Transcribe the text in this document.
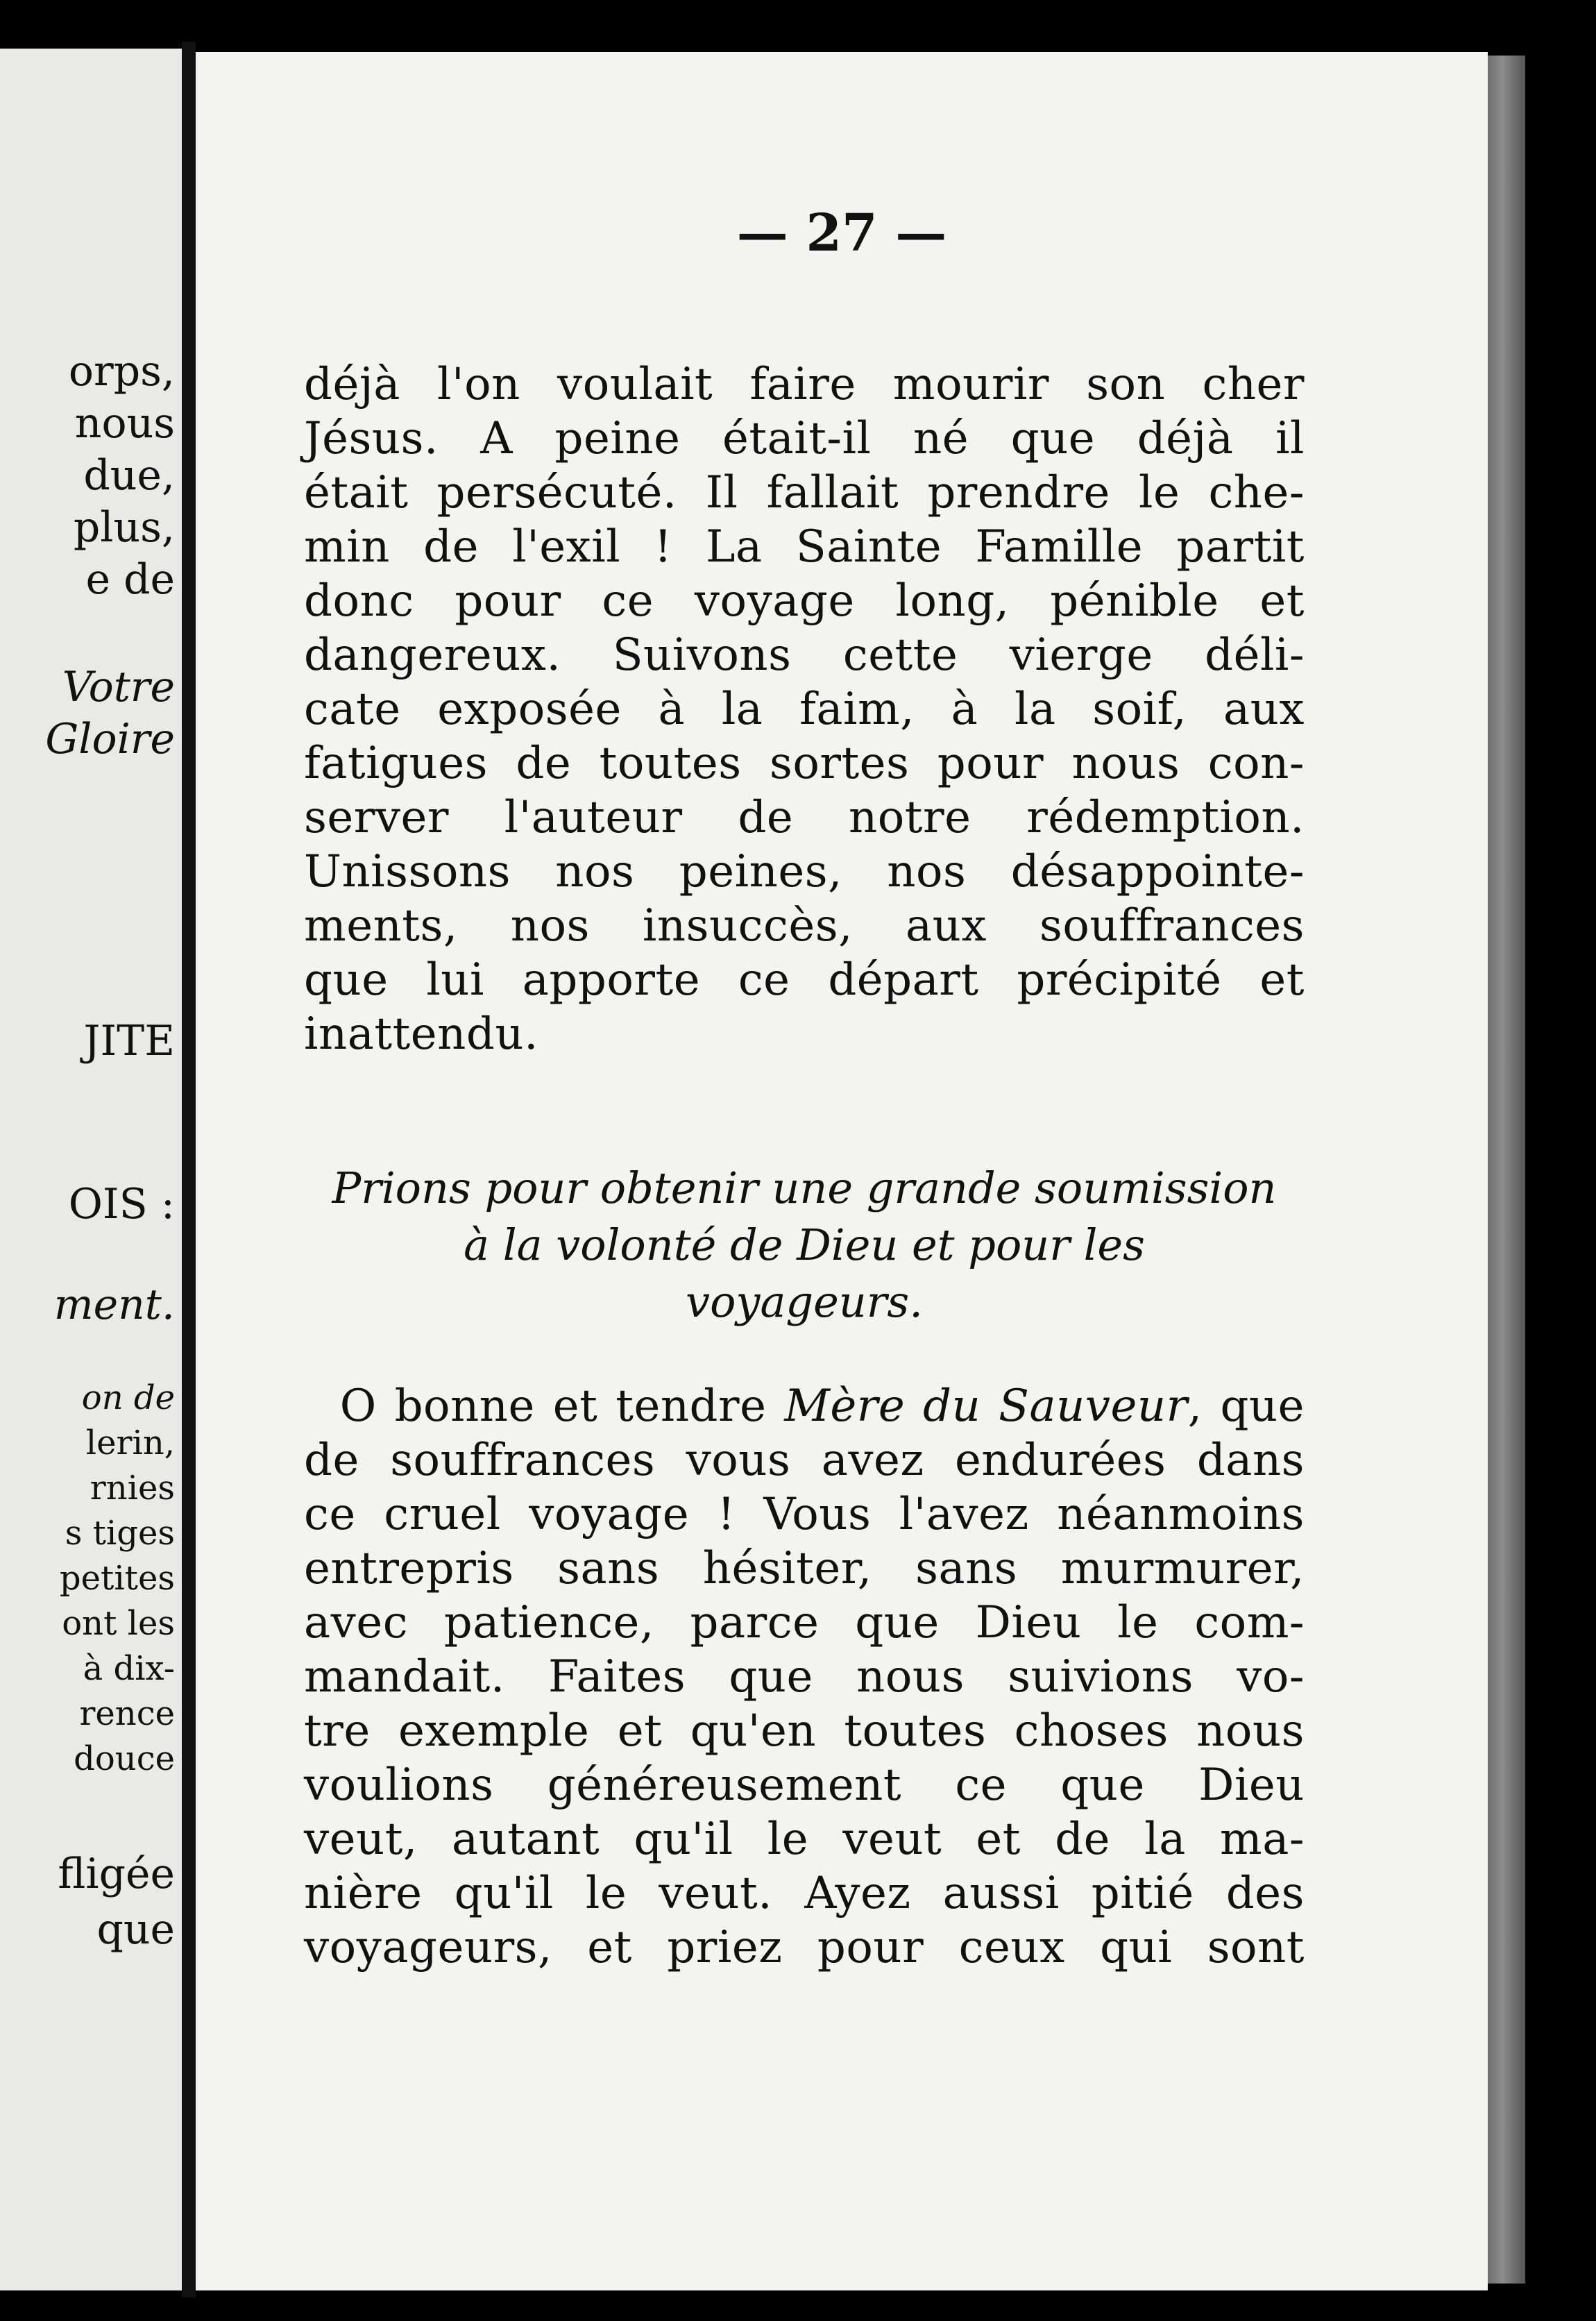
orps,
nous
due,
plus,
e de
Votre
Gloire
JITE
OIS :
ment.
on de
lerin,
rnies
s tiges
petites
ont les
à dix-
rence
douce
fligée
que
— 27 —
déjà l'on voulait faire mourir son cher
Jésus. A peine était-il né que déjà il
était persécuté. Il fallait prendre le che-
min de l'exil ! La Sainte Famille partit
donc pour ce voyage long, pénible et
dangereux. Suivons cette vierge déli-
cate exposée à la faim, à la soif, aux
fatigues de toutes sortes pour nous con-
server l'auteur de notre rédemption.
Unissons nos peines, nos désappointe-
ments, nos insuccès, aux souffrances
que lui apporte ce départ précipité et
inattendu.
Prions pour obtenir une grande soumission
à la volonté de Dieu et pour les
voyageurs.
O bonne et tendre Mère du Sauveur, que
de souffrances vous avez endurées dans
ce cruel voyage ! Vous l'avez néanmoins
entrepris sans hésiter, sans murmurer,
avec patience, parce que Dieu le com-
mandait. Faites que nous suivions vo-
tre exemple et qu'en toutes choses nous
voulions généreusement ce que Dieu
veut, autant qu'il le veut et de la ma-
nière qu'il le veut. Ayez aussi pitié des
voyageurs, et priez pour ceux qui sont
